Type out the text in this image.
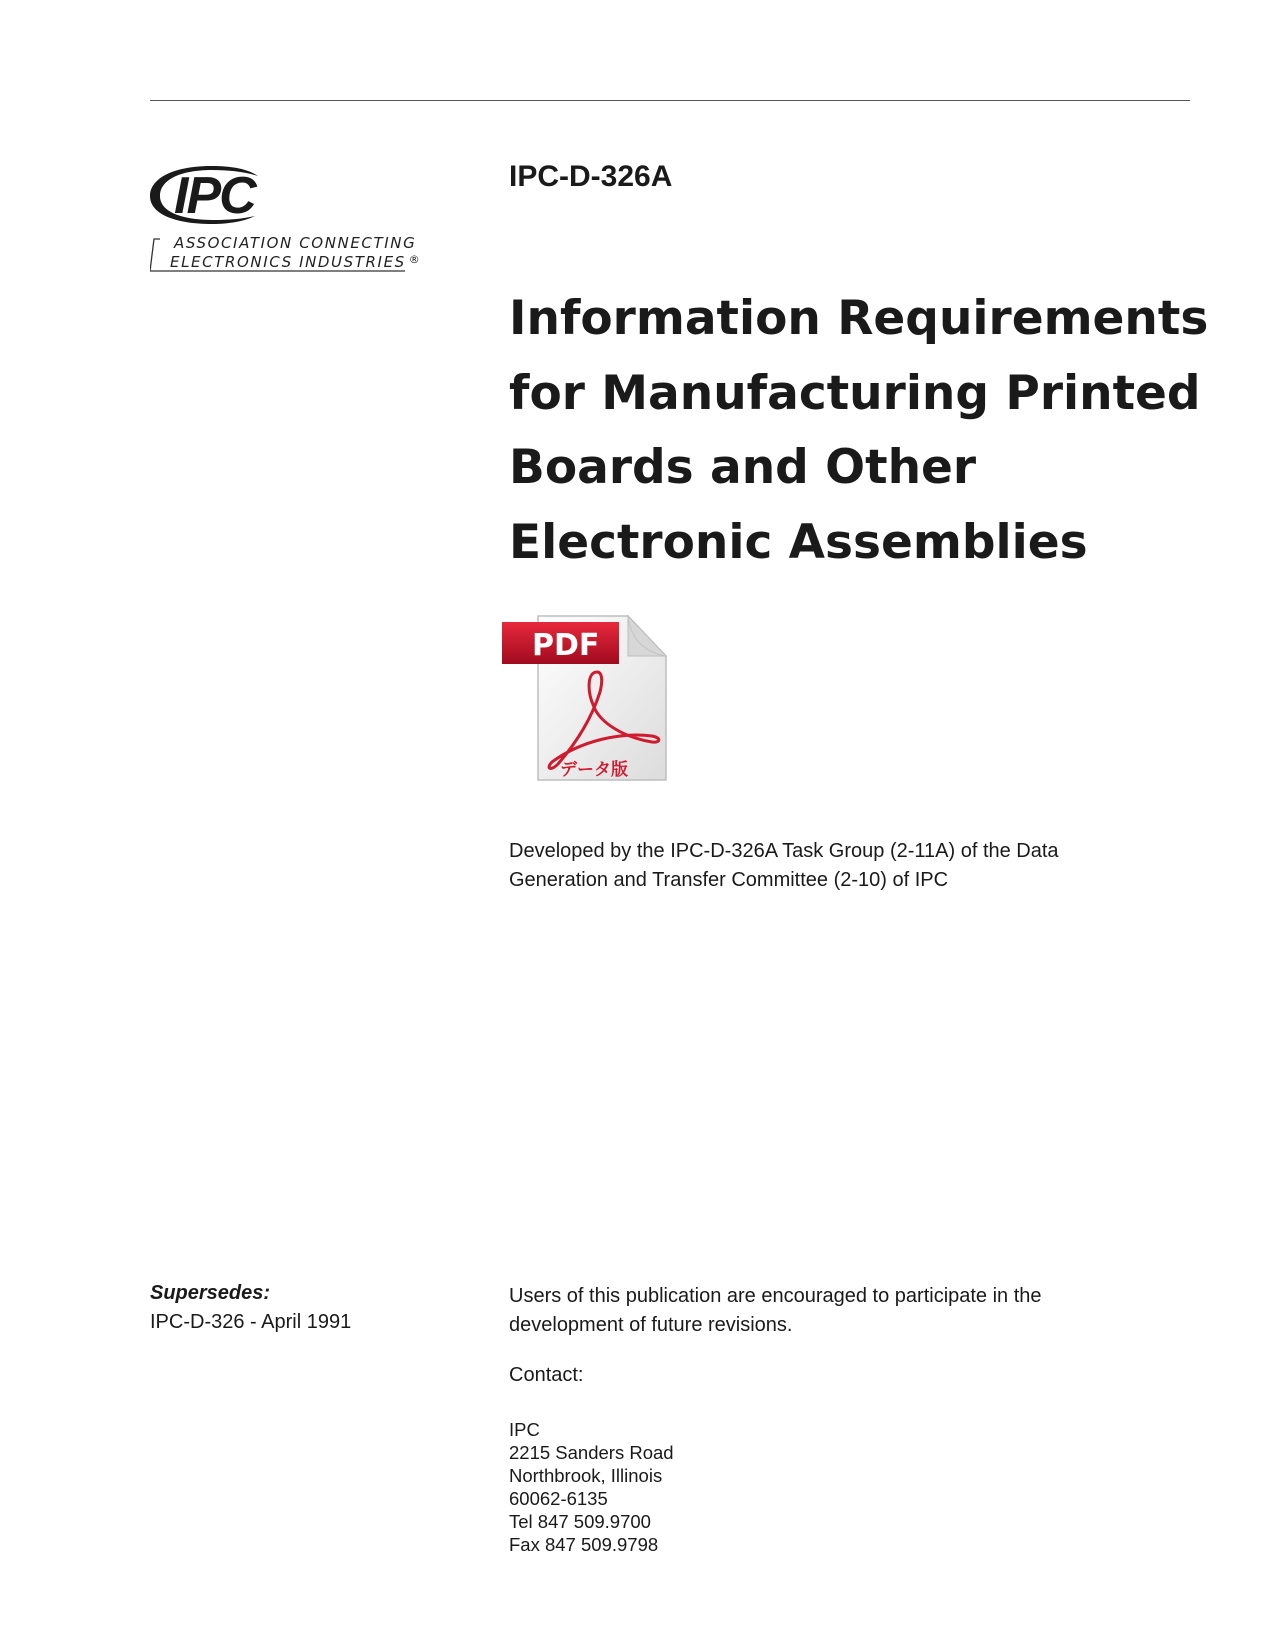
IPC
ASSOCIATION CONNECTING
ELECTRONICS INDUSTRIES ®
IPC-D-326A
Information Requirements
for Manufacturing Printed
Boards and Other
Electronic Assemblies
PDF
データ版
Developed by the IPC-D-326A Task Group (2-11A) of the Data Generation and Transfer Committee (2-10) of IPC
Supersedes:
IPC-D-326 - April 1991
Users of this publication are encouraged to participate in the development of future revisions.
Contact:
IPC
2215 Sanders Road
Northbrook, Illinois
60062-6135
Tel 847 509.9700
Fax 847 509.9798
